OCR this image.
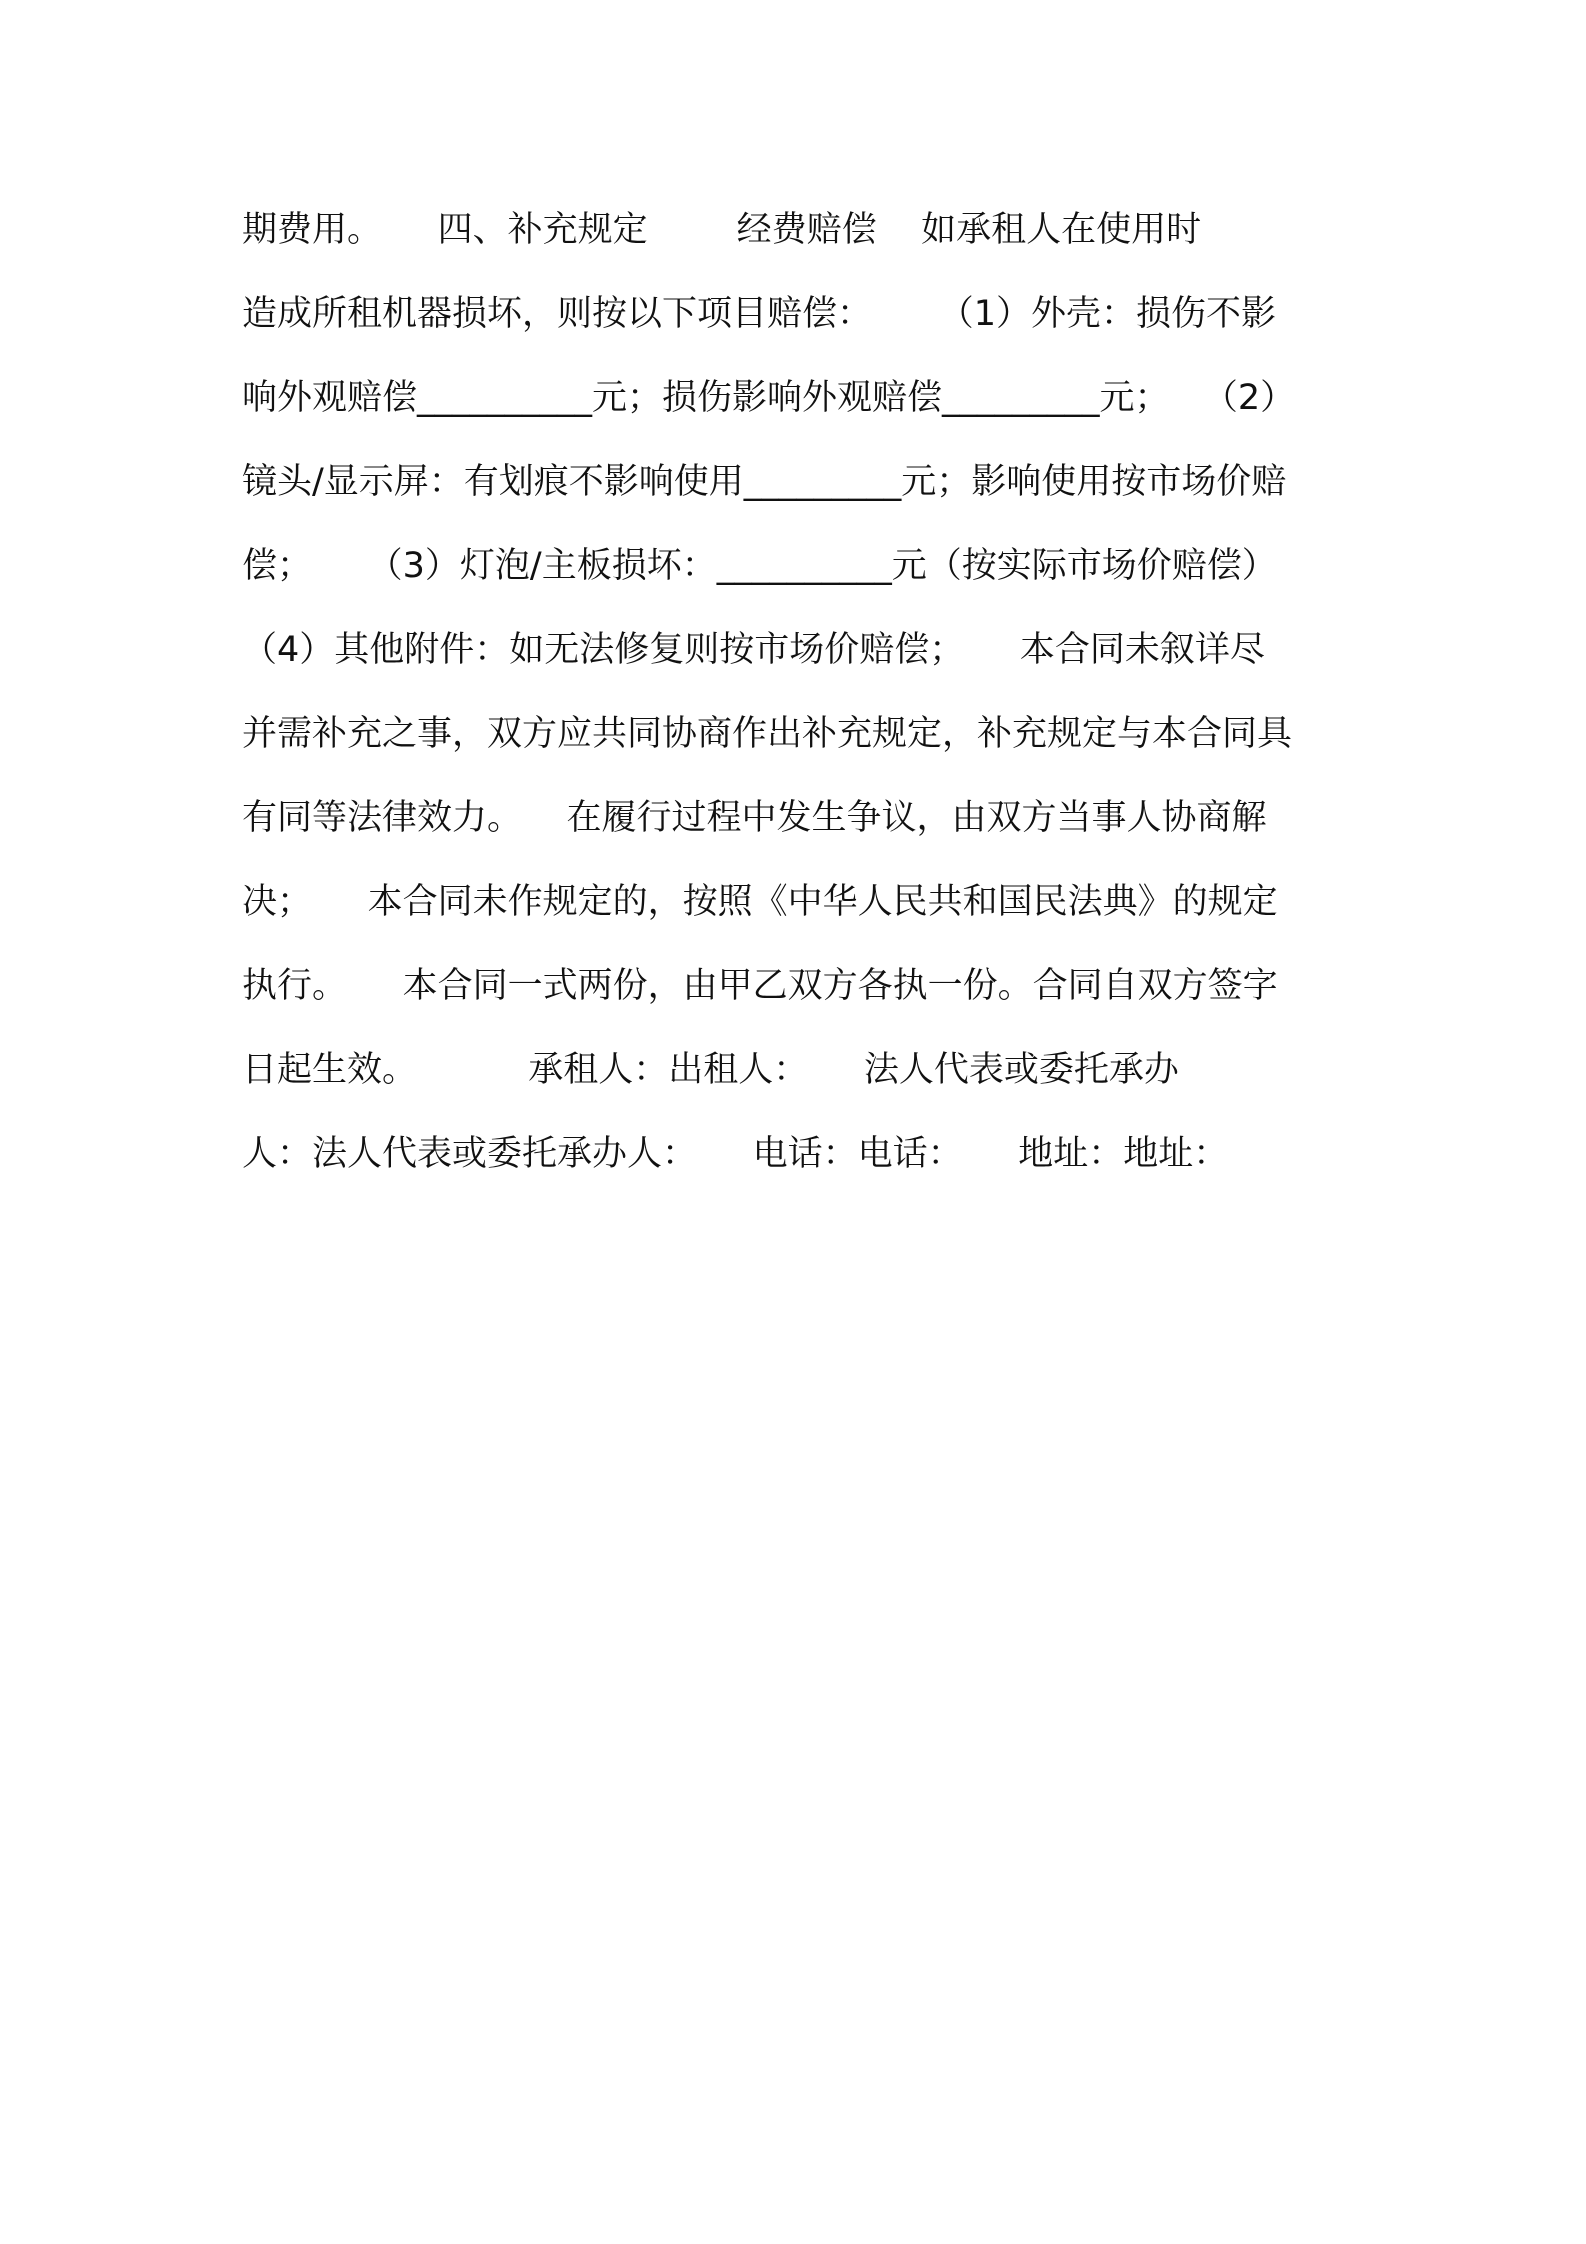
期费用。     四、补充规定        经费赔偿    如承租人在使用时
造成所租机器损坏，则按以下项目赔偿：      （1）外壳：损伤不影
响外观赔偿__________元；损伤影响外观赔偿_________元；   （2）
镜头/显示屏：有划痕不影响使用_________元；影响使用按市场价赔
偿；     （3）灯泡/主板损坏：__________元（按实际市场价赔偿）
（4）其他附件：如无法修复则按市场价赔偿；     本合同未叙详尽
并需补充之事，双方应共同协商作出补充规定，补充规定与本合同具
有同等法律效力。    在履行过程中发生争议，由双方当事人协商解
决；     本合同未作规定的，按照《中华人民共和国民法典》的规定
执行。     本合同一式两份，由甲乙双方各执一份。合同自双方签字
日起生效。          承租人：出租人：     法人代表或委托承办
人：法人代表或委托承办人：     电话：电话：     地址：地址：
